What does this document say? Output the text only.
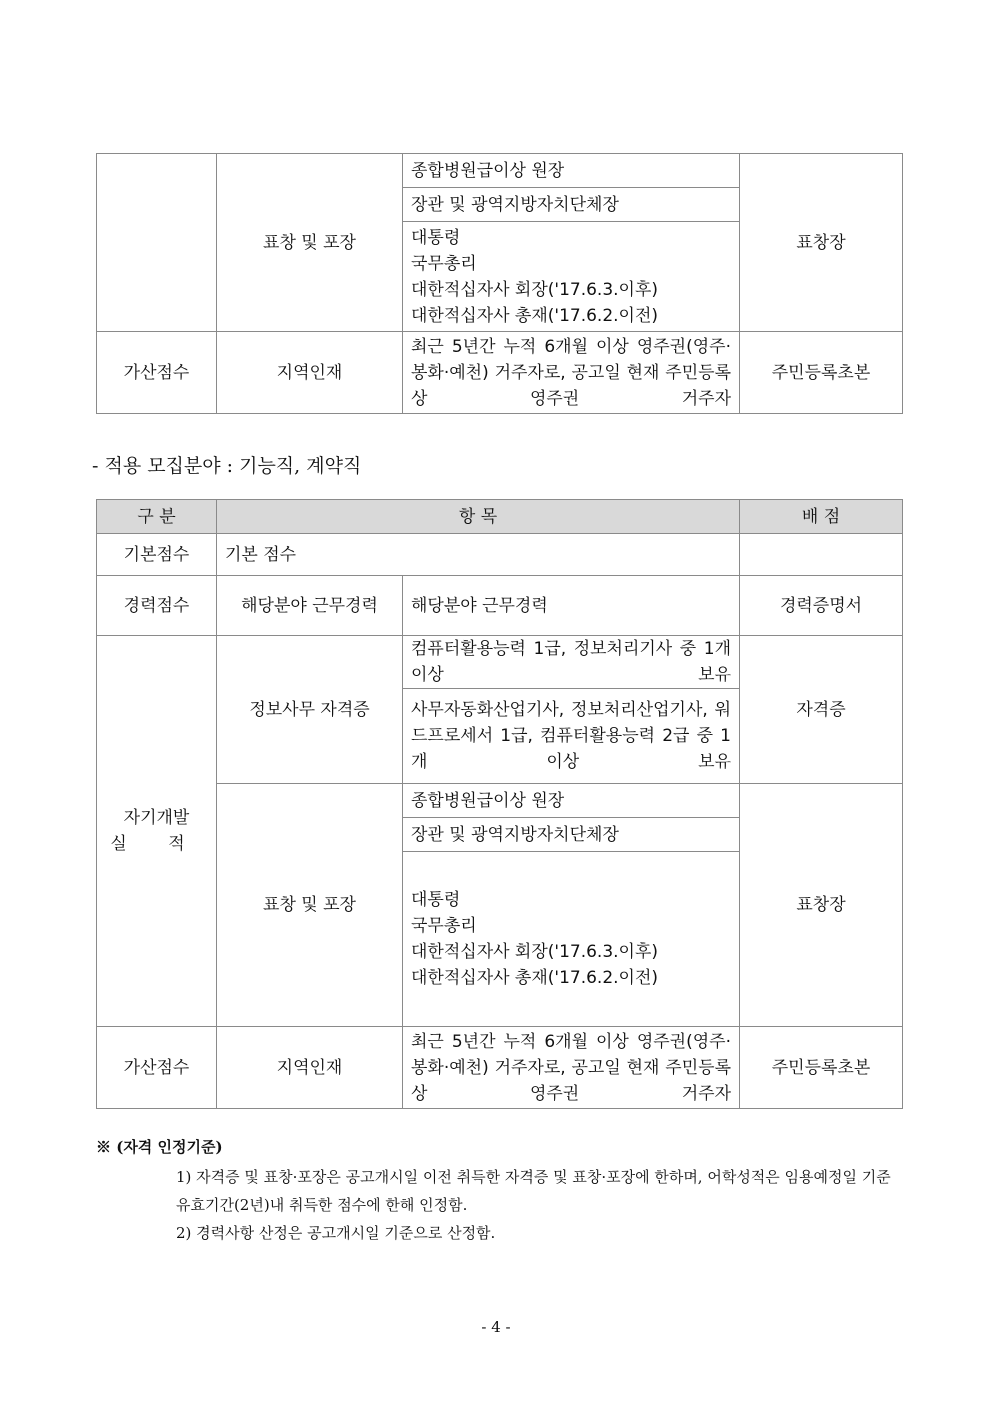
	표창 및 포장	종합병원급이상 원장	표창장
		장관 및 광역지방자치단체장	

		대통령
국무총리
대한적십자사 회장('17.6.3.이후)
대한적십자사 총재('17.6.2.이전)	

가산점수	지역인재	최근 5년간 누적 6개월 이상 영주권(영주·봉화·예천) 거주자로, 공고일 현재 주민등록상 영주권 거주자	주민등록초본
- 적용 모집분야 : 기능직, 계약직
구 분	항 목		배 점
기본점수	기본 점수		
경력점수	해당분야 근무경력	해당분야 근무경력	경력증명서

자기개발
실 적	정보사무 자격증	컴퓨터활용능력 1급, 정보처리기사 중 1개 이상 보유	자격증
		사무자동화산업기사, 정보처리산업기사, 워드프로세서 1급, 컴퓨터활용능력 2급 중 1개 이상 보유	
	표창 및 포장	종합병원급이상 원장	표창장
		장관 및 광역지방자치단체장	

		대통령
국무총리
대한적십자사 회장('17.6.3.이후)
대한적십자사 총재('17.6.2.이전)	

가산점수	지역인재	최근 5년간 누적 6개월 이상 영주권(영주·봉화·예천) 거주자로, 공고일 현재 주민등록상 영주권 거주자	주민등록초본
※ (자격 인정기준)
1) 자격증 및 표창·포장은 공고개시일 이전 취득한 자격증 및 표창·포장에 한하며, 어학성적은 임용예정일 기준 유효기간(2년)내 취득한 점수에 한해 인정함.
2) 경력사항 산정은 공고개시일 기준으로 산정함.
- 4 -
